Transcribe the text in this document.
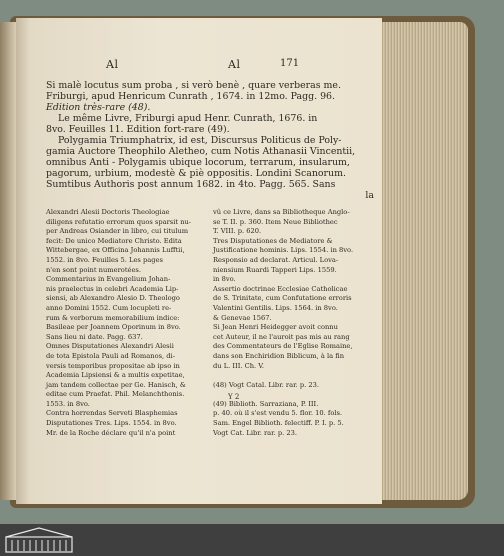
Al	Al	171
Si malè locutus sum proba , si verò benè , quare verberas me.
Friburgi, apud Henricum Cunrath , 1674. in 12mo. Pagg. 96.
Edition très-rare (48).
Le même Livre, Friburgi apud Henr. Cunrath, 1676. in
8vo. Feuilles 11. Edition fort-rare (49).
Polygamia Triumphatrix, id est, Discursus Politicus de Poly-
gamia Auctore Theophilo Aletheo, cum Notis Athanasii Vincentii,
omnibus Anti - Polygamis ubique locorum, terrarum, insularum,
pagorum, urbium, modestè & piè oppositis. Londini Scanorum.
Sumtibus Authoris post annum 1682. in 4to. Pagg. 565. Sans
la
Alexandri Alesii Doctoris Theologiae
diligens refutatio errorum quos sparsit nu-
per Andreas Osiander in libro, cui titulum
fecit: De unico Mediatore Christo. Edita
Wittebergae, ex Officina Johannis Lufftii,
1552. in 8vo. Feuilles 5. Les pages
n'en sont point numerotées.
Commentarius in Evangelium Johan-
nis praelectus in celebri Academia Lip-
siensi, ab Alexandro Alesio D. Theologo
anno Domini 1552. Cum locupleti re-
rum & verborum memorabilium indice:
Basileae per Joannem Oporinum in 8vo.
Sans lieu ni date. Pagg. 637.
Omnes Disputationes Alexandri Alesii
de tota Epistola Pauli ad Romanos, di-
versis temporibus propositae ab ipso in
Academia Lipsiensi & a multis expetitae,
jam tandem collectae per Ge. Hanisch, &
editae cum Praefat. Phil. Melanchthonis.
1553. in 8vo.
Contra horrendas Serveti Blasphemias
Disputationes Tres. Lips. 1554. in 8vo.
Mr. de la Roche déclare qu'il n'a point
vû ce Livre, dans sa Bibliotheque Anglo-
se T. II. p. 360. Item Neue Bibliothec
T. VIII. p. 620.
Tres Disputationes de Mediatore &
Justificatione hominis. Lips. 1554. in 8vo.
Responsio ad declarat. Articul. Lova-
niensium Ruardi Tapperi Lips. 1559.
in 8vo.
Assertio doctrinae Ecclesiae Catholicae
de S. Trinitate, cum Confutatione erroris
Valentini Gentilis. Lips. 1564. in 8vo.
& Genevae 1567.
Si Jean Henri Heidegger avoit connu
cet Auteur, il ne l'auroit pas mis au rang
des Commentateurs de l'Eglise Romaine,
dans son Enchiridion Biblicum, à la fin
du L. III. Ch. V.

(48) Vogt Catal. Libr. rar. p. 23.

(49) Biblioth. Sarraziana, P. III.
p. 40. où il s'est vendu 5. flor. 10. fols.
Sam. Engel Biblioth. felectiff. P. I. p. 5.
Vogt Cat. Libr. rar. p. 23.
Y 2
